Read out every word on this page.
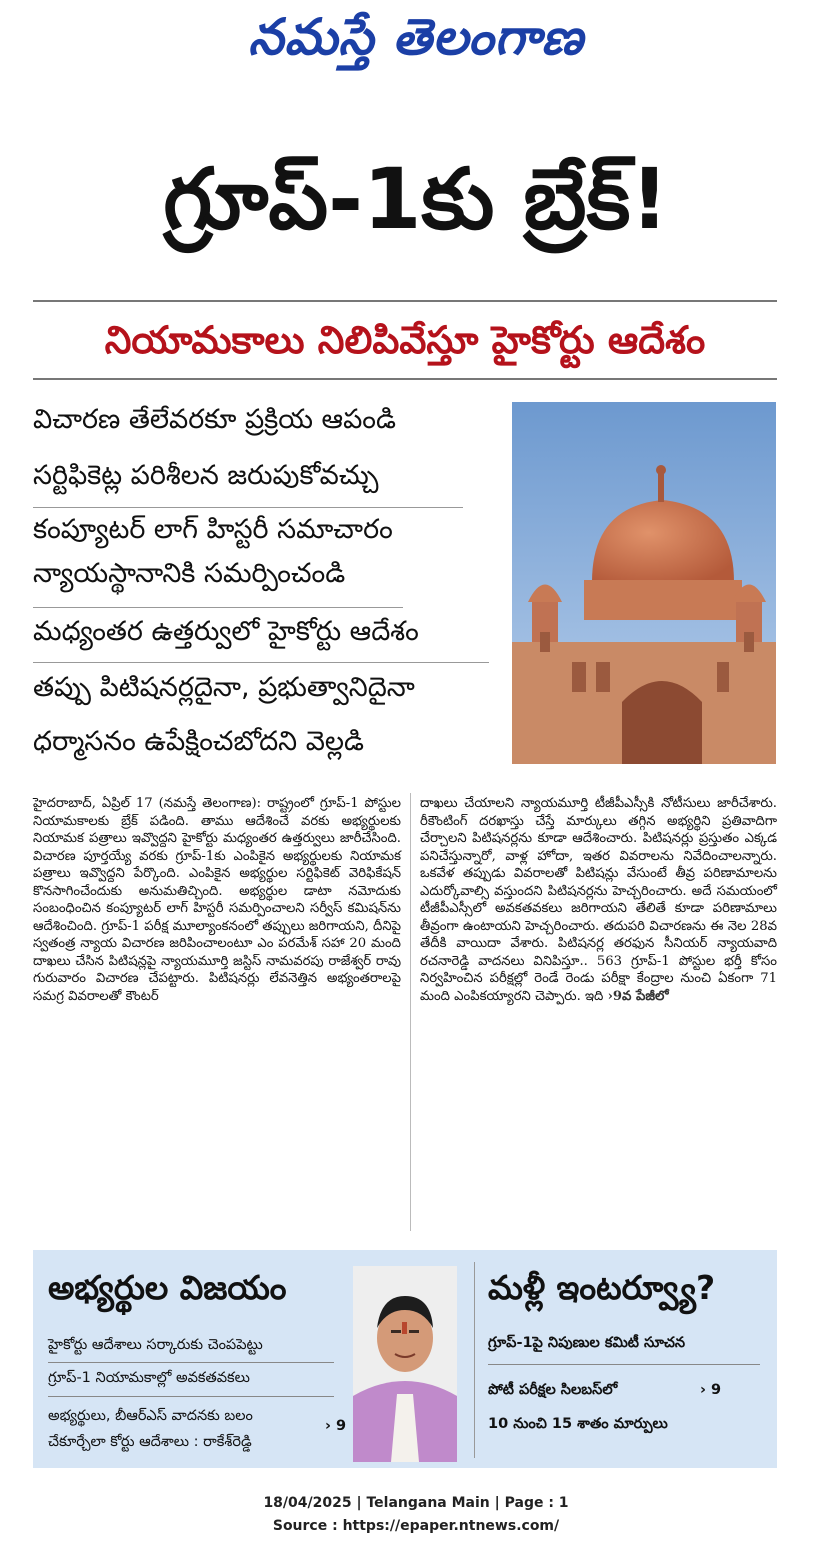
నమస్తే తెలంగాణ
గ్రూప్‌-1కు బ్రేక్‌!
నియామకాలు నిలిపివేస్తూ హైకోర్టు ఆదేశం
విచారణ తేలేవరకూ ప్రక్రియ ఆపండి
సర్టిఫికెట్ల పరిశీలన జరుపుకోవచ్చు
కంప్యూటర్‌ లాగ్‌ హిస్టరీ సమాచారం
న్యాయస్థానానికి సమర్పించండి
మధ్యంతర ఉత్తర్వులో హైకోర్టు ఆదేశం
తప్పు పిటిషనర్లదైనా, ప్రభుత్వానిదైనా
ధర్మాసనం ఉపేక్షించబోదని వెల్లడి

హైదరాబాద్‌, ఏప్రిల్‌ 17 (నమస్తే తెలంగాణ): రాష్ట్రంలో గ్రూప్‌-1 పోస్టుల నియామకాలకు బ్రేక్‌ పడింది. తాము ఆదేశించే వరకు అభ్యర్థులకు నియామక పత్రాలు ఇవ్వొద్దని హైకోర్టు మధ్యంతర ఉత్తర్వులు జారీచేసింది. విచారణ పూర్తయ్యే వరకు గ్రూప్‌-1కు ఎంపికైన అభ్యర్థులకు నియామక పత్రాలు ఇవ్వొద్దని పేర్కొంది. ఎంపికైన అభ్యర్థుల సర్టిఫికెట్‌ వెరిఫికేషన్‌ కొనసాగించేందుకు అనుమతిచ్చింది. అభ్యర్థుల డాటా నమోదుకు సంబంధించిన కంప్యూటర్‌ లాగ్‌ హిస్టరీ సమర్పించాలని సర్వీస్‌ కమిషన్‌ను ఆదేశించింది. గ్రూప్‌-1 పరీక్ష మూల్యాంకనంలో తప్పులు జరిగాయని, దీనిపై స్వతంత్ర న్యాయ విచారణ జరిపించాలంటూ ఎం పరమేశ్‌ సహా 20 మంది దాఖలు చేసిన పిటిషన్లపై న్యాయమూర్తి జస్టిస్‌ నామవరపు రాజేశ్వర్‌ రావు గురువారం విచారణ చేపట్టారు. పిటిషనర్లు లేవనెత్తిన అభ్యంతరాలపై సమగ్ర వివరాలతో కౌంటర్‌

దాఖలు చేయాలని న్యాయమూర్తి టీజీపీఎస్సీకి నోటీసులు జారీచేశారు. రీకౌంటింగ్‌ దరఖాస్తు చేస్తే మార్కులు తగ్గిన అభ్యర్థిని ప్రతివాదిగా చేర్చాలని పిటిషనర్లను కూడా ఆదేశించారు. పిటిషనర్లు ప్రస్తుతం ఎక్కడ పనిచేస్తున్నారో, వాళ్ల హోదా, ఇతర వివరాలను నివేదించాలన్నారు. ఒకవేళ తప్పుడు వివరాలతో పిటిషన్లు వేసుంటే తీవ్ర పరిణామాలను ఎదుర్కోవాల్సి వస్తుందని పిటిషనర్లను హెచ్చరించారు. అదే సమయంలో టీజీపీఎస్సీలో అవకతవకలు జరిగాయని తేలితే కూడా పరిణామాలు తీవ్రంగా ఉంటాయని హెచ్చరించారు. తదుపరి విచారణను ఈ నెల 28వ తేదీకి వాయిదా వేశారు. పిటిషనర్ల తరఫున సీనియర్‌ న్యాయవాది రచనారెడ్డి వాదనలు వినిపిస్తూ.. 563 గ్రూప్‌-1 పోస్టుల భర్తీ కోసం నిర్వహించిన పరీక్షల్లో రెండే రెండు పరీక్షా కేంద్రాల నుంచి ఏకంగా 71 మంది ఎంపికయ్యారని చెప్పారు. ఇది ›9వ పేజీలో

అభ్యర్థుల విజయం
హైకోర్టు ఆదేశాలు సర్కారుకు చెంపపెట్టు
గ్రూప్‌-1 నియామకాల్లో అవకతవకలు
అభ్యర్థులు, బీఆర్‌ఎస్‌ వాదనకు బలం
చేకూర్చేలా కోర్టు ఆదేశాలు : రాకేశ్‌రెడ్డి
› 9
మళ్లీ ఇంటర్వ్యూ?
గ్రూప్‌-1పై నిపుణుల కమిటీ సూచన
పోటీ పరీక్షల సిలబస్‌లో	› 9
10 నుంచి 15 శాతం మార్పులు
18/04/2025 | Telangana Main | Page : 1
Source : https://epaper.ntnews.com/
